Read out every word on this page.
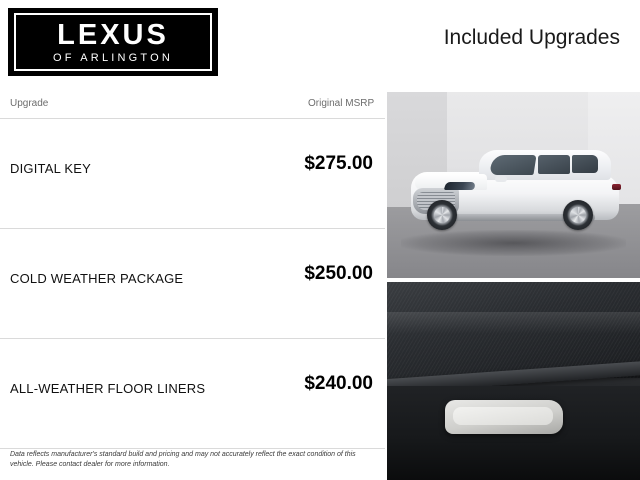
LEXUS
OF ARLINGTON
Included Upgrades
Upgrade	Original MSRP
DIGITAL KEY	$275.00
COLD WEATHER PACKAGE	$250.00
ALL-WEATHER FLOOR LINERS	$240.00
Data reflects manufacturer's standard build and pricing and may not accurately reflect the exact condition of this vehicle. Please contact dealer for more information.
